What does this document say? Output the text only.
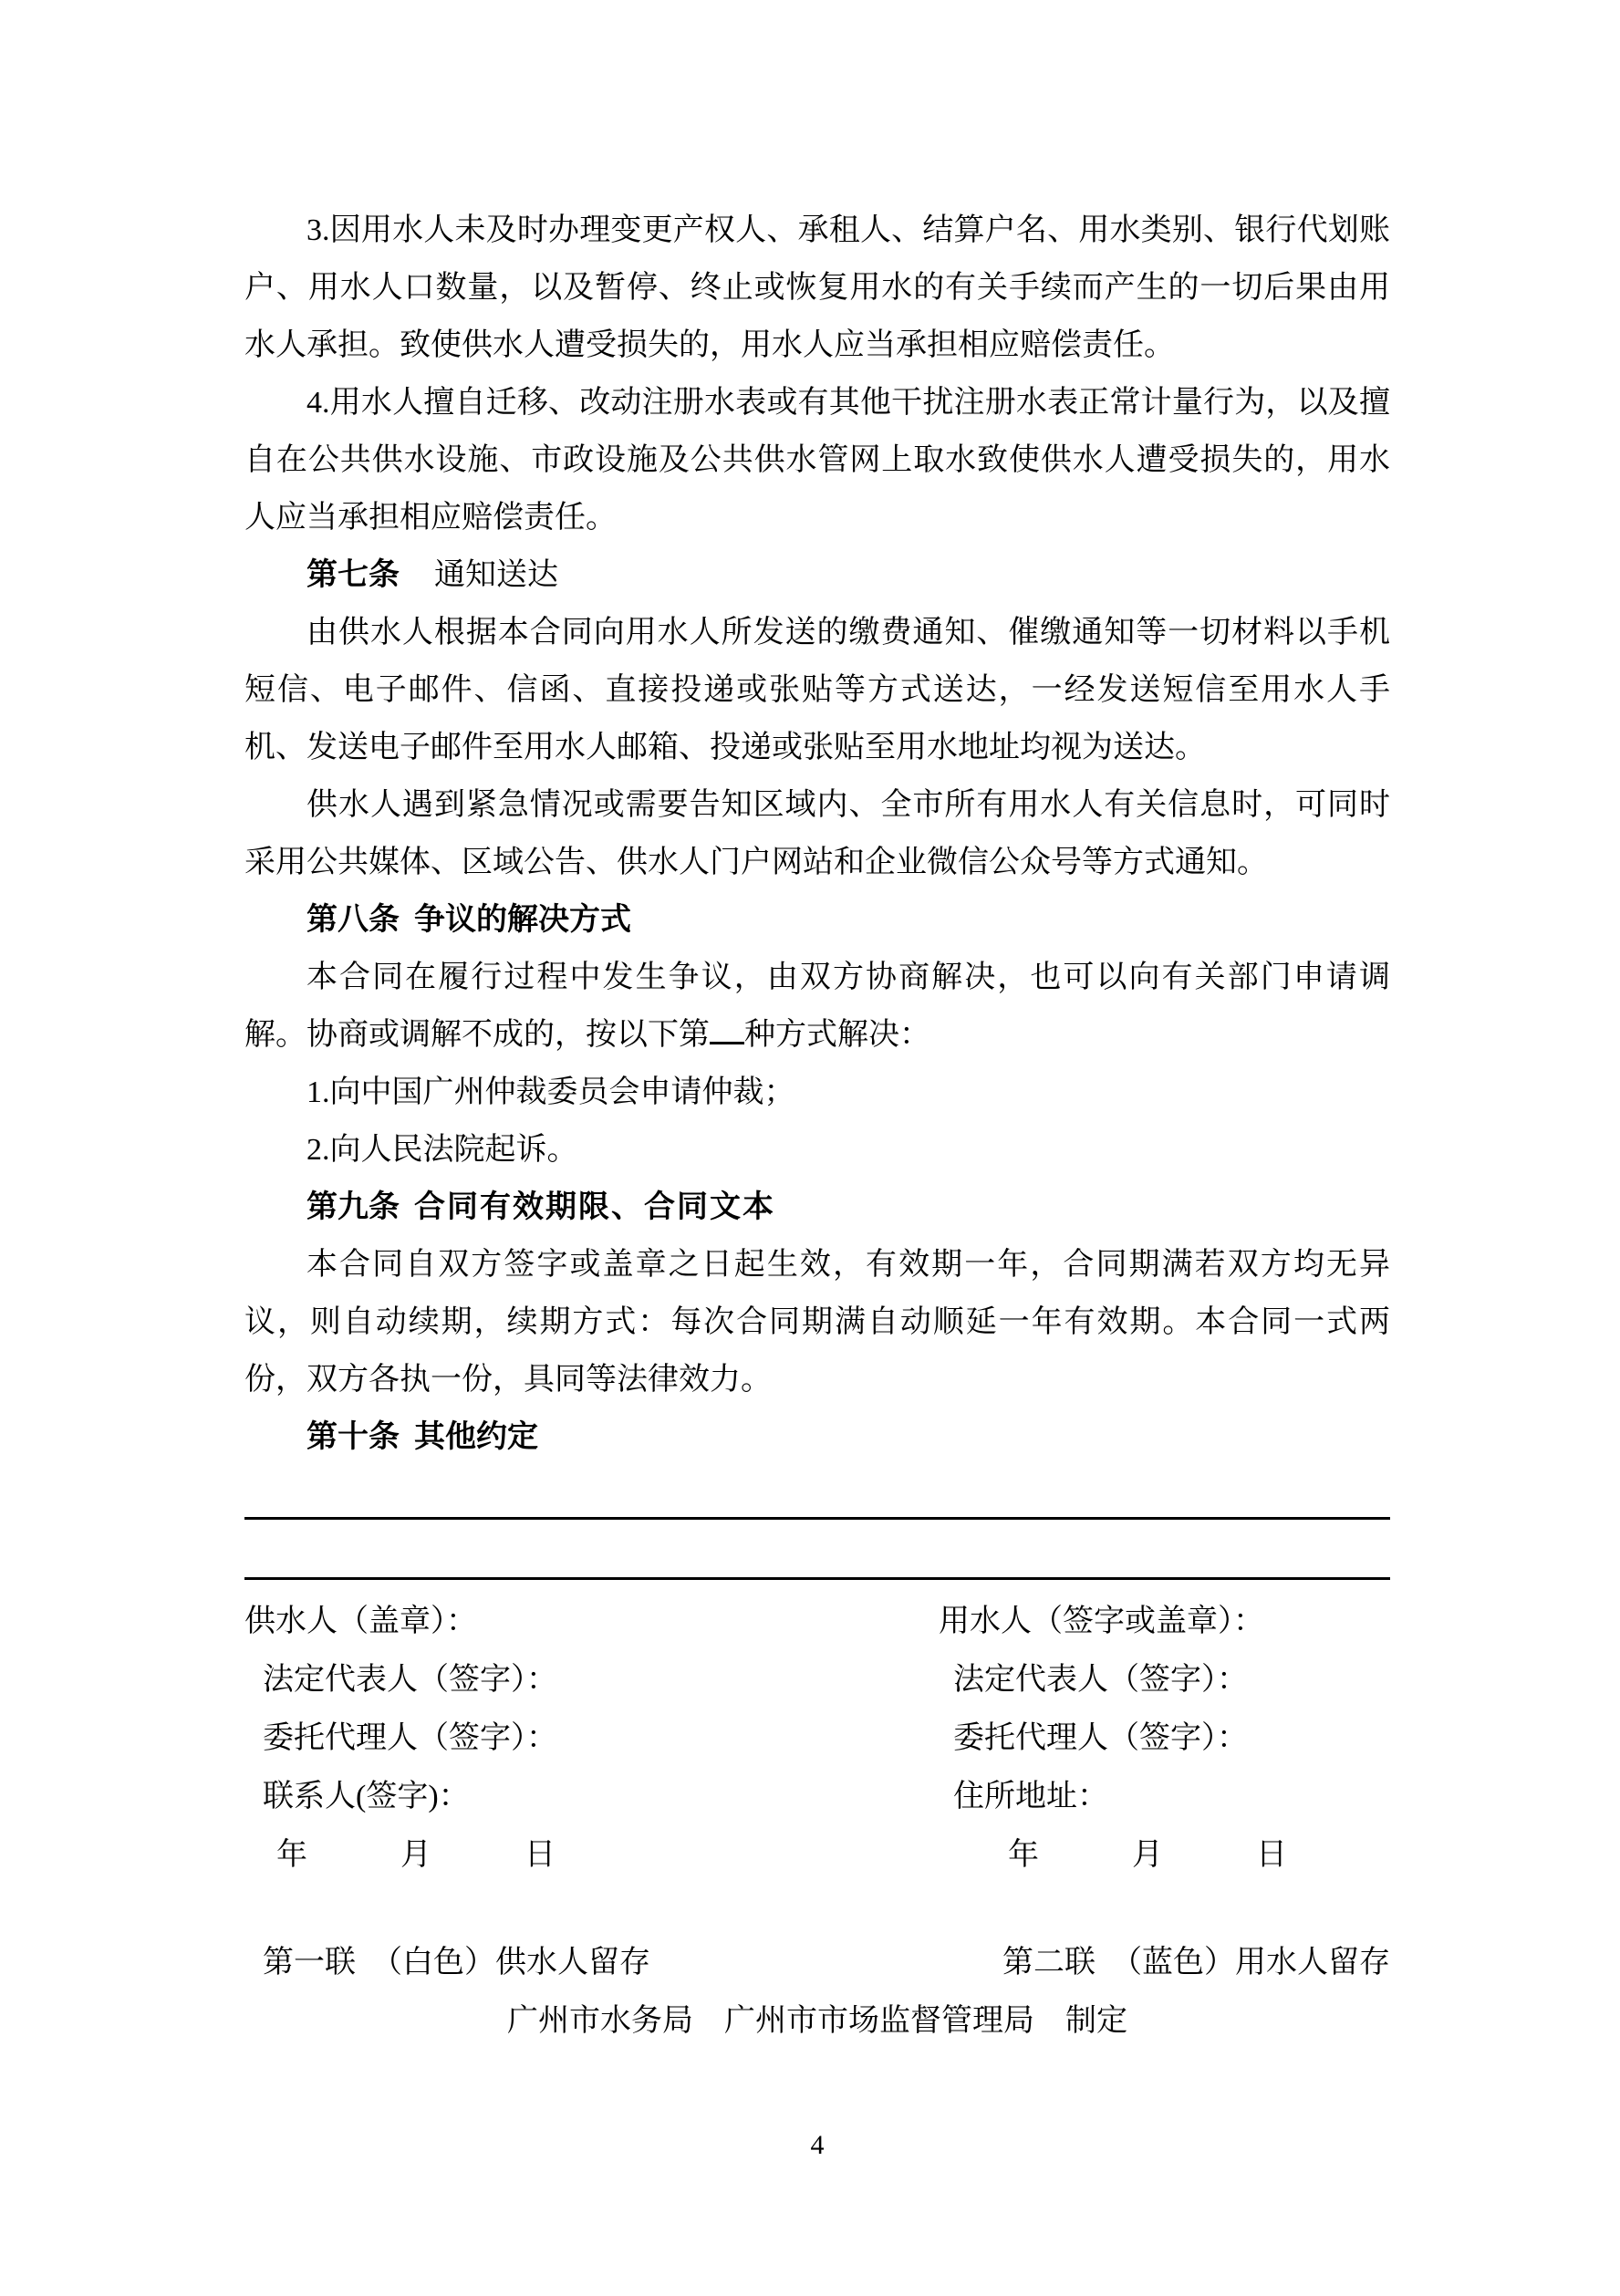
3.因用水人未及时办理变更产权人、承租人、结算户名、用水类别、银行代划账户、用水人口数量，以及暂停、终止或恢复用水的有关手续而产生的一切后果由用水人承担。致使供水人遭受损失的，用水人应当承担相应赔偿责任。

4.用水人擅自迁移、改动注册水表或有其他干扰注册水表正常计量行为，以及擅自在公共供水设施、市政设施及公共供水管网上取水致使供水人遭受损失的，用水人应当承担相应赔偿责任。

第七条 通知送达

由供水人根据本合同向用水人所发送的缴费通知、催缴通知等一切材料以手机短信、电子邮件、信函、直接投递或张贴等方式送达，一经发送短信至用水人手机、发送电子邮件至用水人邮箱、投递或张贴至用水地址均视为送达。

供水人遇到紧急情况或需要告知区域内、全市所有用水人有关信息时，可同时采用公共媒体、区域公告、供水人门户网站和企业微信公众号等方式通知。

第八条 争议的解决方式

本合同在履行过程中发生争议，由双方协商解决，也可以向有关部门申请调解。协商或调解不成的，按以下第 种方式解决：

1.向中国广州仲裁委员会申请仲裁；

2.向人民法院起诉。

第九条 合同有效期限、合同文本

本合同自双方签字或盖章之日起生效，有效期一年，合同期满若双方均无异议，则自动续期，续期方式：每次合同期满自动顺延一年有效期。本合同一式两份，双方各执一份，具同等法律效力。

第十条 其他约定

供水人（盖章）：	用水人（签字或盖章）：
法定代表人（签字）：	法定代表人（签字）：
委托代理人（签字）：	委托代理人（签字）：
联系人(签字)：	住所地址：
年　　　月　　　日	年　　　月　　　日
第一联　（白色）供水人留存	第二联　（蓝色）用水人留存
广州市水务局　广州市市场监督管理局　制定
4
